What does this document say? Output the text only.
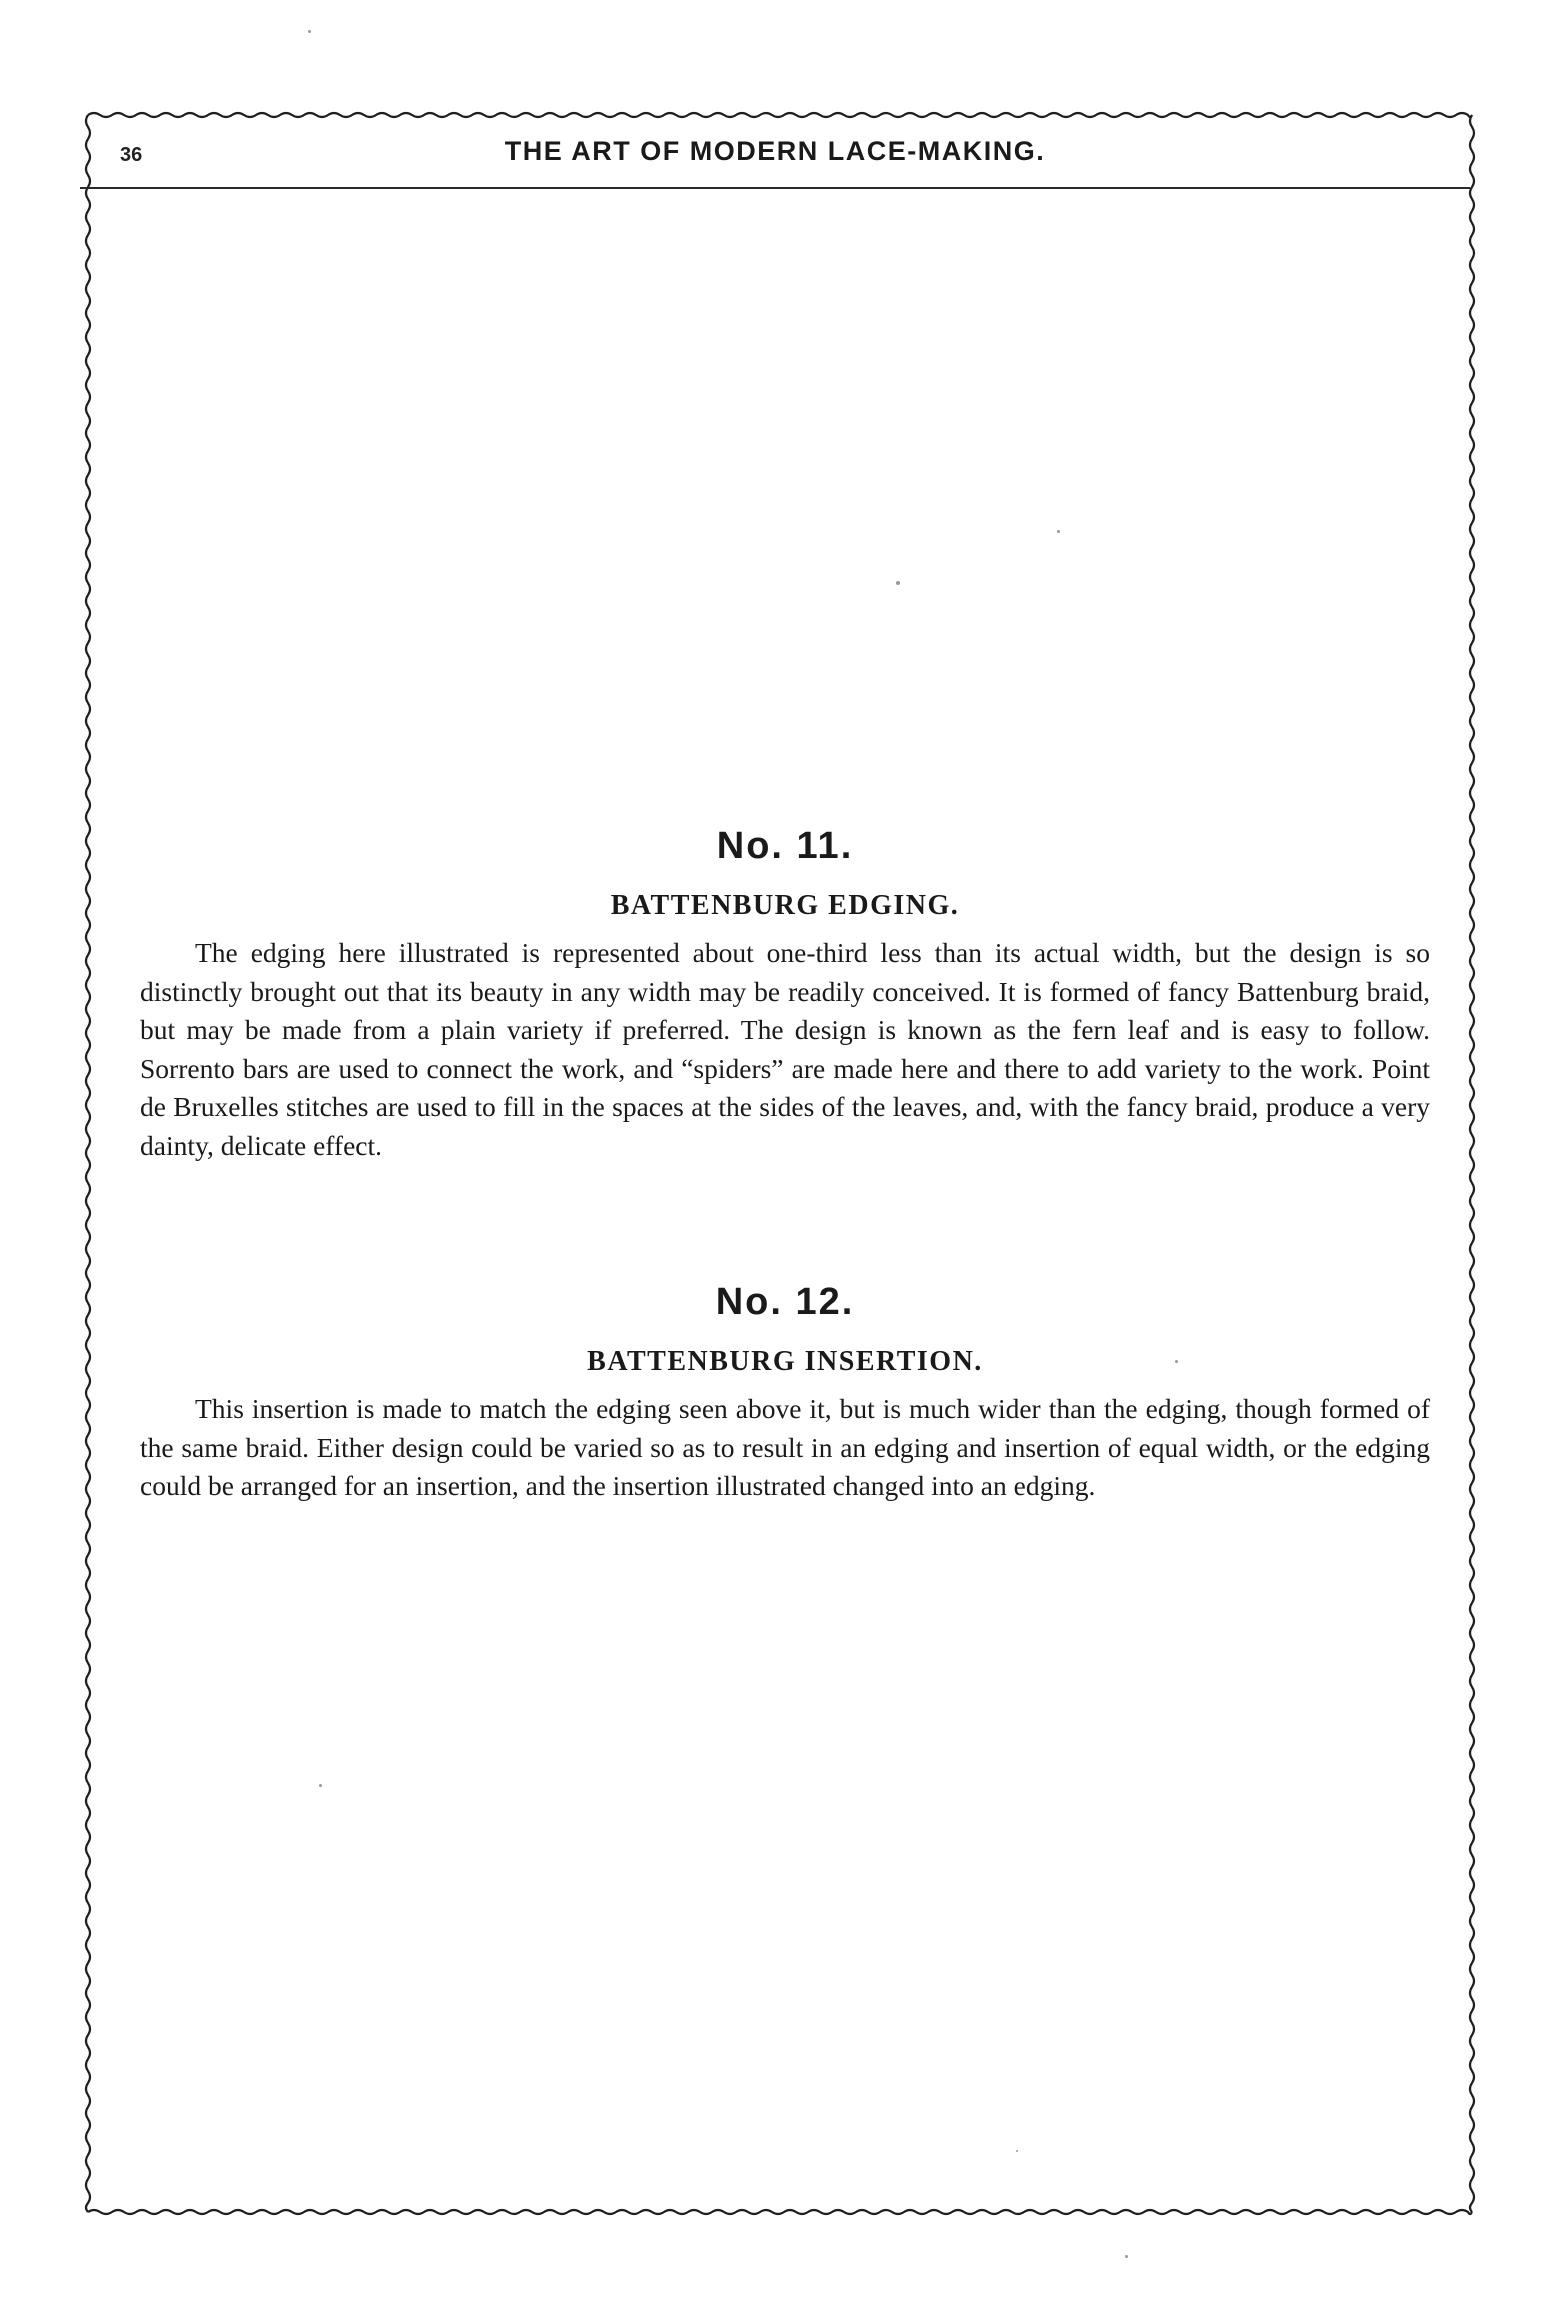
36	THE ART OF MODERN LACE-MAKING.
No. 11.
BATTENBURG EDGING.

The edging here illustrated is represented about one-third less than its actual width, but the design is so distinctly brought out that its beauty in any width may be readily conceived. It is formed of fancy Battenburg braid, but may be made from a plain variety if preferred. The design is known as the fern leaf and is easy to follow. Sorrento bars are used to connect the work, and “spiders” are made here and there to add variety to the work. Point de Bruxelles stitches are used to fill in the spaces at the sides of the leaves, and, with the fancy braid, produce a very dainty, delicate effect.

No. 12.
BATTENBURG INSERTION.

This insertion is made to match the edging seen above it, but is much wider than the edging, though formed of the same braid. Either design could be varied so as to result in an edging and insertion of equal width, or the edging could be arranged for an insertion, and the insertion illustrated changed into an edging.
